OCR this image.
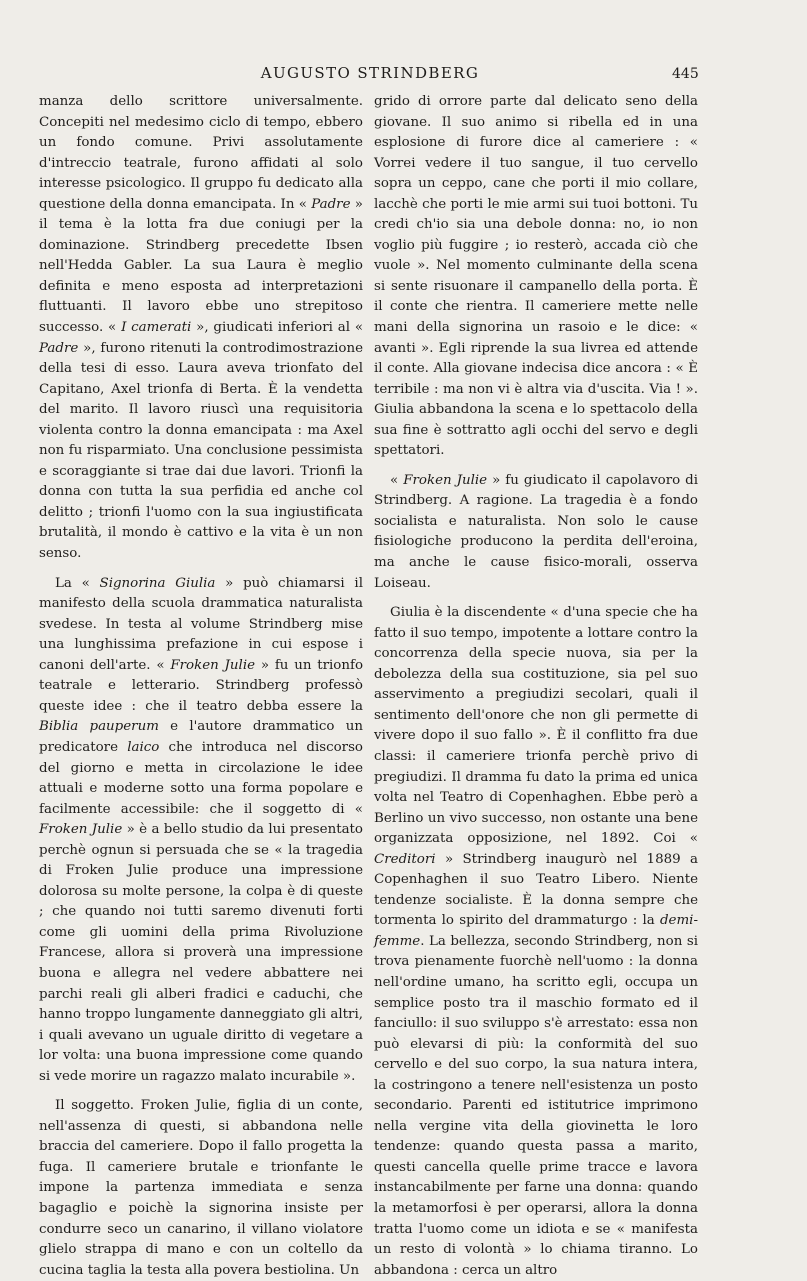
AUGUSTO STRINDBERG	445

manza dello scrittore universalmente. Concepiti nel medesimo ciclo di tempo, ebbero un fondo comune. Privi assolutamente d'intreccio teatrale, furono affidati al solo interesse psicologico. Il gruppo fu dedicato alla questione della donna emancipata. In « Padre » il tema è la lotta fra due coniugi per la dominazione. Strindberg precedette Ibsen nell'Hedda Gabler. La sua Laura è meglio definita e meno esposta ad interpretazioni fluttuanti. Il lavoro ebbe uno strepitoso successo. « I camerati », giudicati inferiori al « Padre », furono ritenuti la controdimostrazione della tesi di esso. Laura aveva trionfato del Capitano, Axel trionfa di Berta. È la vendetta del marito. Il lavoro riuscì una requisitoria violenta contro la donna emancipata : ma Axel non fu risparmiato. Una conclusione pessimista e scoraggiante si trae dai due lavori. Trionfi la donna con tutta la sua perfidia ed anche col delitto ; trionfi l'uomo con la sua ingiustificata brutalità, il mondo è cattivo e la vita è un non senso.

La « Signorina Giulia » può chiamarsi il manifesto della scuola drammatica naturalista svedese. In testa al volume Strindberg mise una lunghissima prefazione in cui espose i canoni dell'arte. « Froken Julie » fu un trionfo teatrale e letterario. Strindberg professò queste idee : che il teatro debba essere la Biblia pauperum e l'autore drammatico un predicatore laico che introduca nel discorso del giorno e metta in circolazione le idee attuali e moderne sotto una forma popolare e facilmente accessibile: che il soggetto di « Froken Julie » è a bello studio da lui presentato perchè ognun si persuada che se « la tragedia di Froken Julie produce una impressione dolorosa su molte persone, la colpa è di queste ; che quando noi tutti saremo divenuti forti come gli uomini della prima Rivoluzione Francese, allora si proverà una impressione buona e allegra nel vedere abbattere nei parchi reali gli alberi fradici e caduchi, che hanno troppo lungamente danneggiato gli altri, i quali avevano un uguale diritto di vegetare a lor volta: una buona impressione come quando si vede morire un ragazzo malato incurabile ».

Il soggetto. Froken Julie, figlia di un conte, nell'assenza di questi, si abbandona nelle braccia del cameriere. Dopo il fallo progetta la fuga. Il cameriere brutale e trionfante le impone la partenza immediata e senza bagaglio e poichè la signorina insiste per condurre seco un canarino, il villano violatore glielo strappa di mano e con un coltello da cucina taglia la testa alla povera bestiolina. Un

grido di orrore parte dal delicato seno della giovane. Il suo animo si ribella ed in una esplosione di furore dice al cameriere : « Vorrei vedere il tuo sangue, il tuo cervello sopra un ceppo, cane che porti il mio collare, lacchè che porti le mie armi sui tuoi bottoni. Tu credi ch'io sia una debole donna: no, io non voglio più fuggire ; io resterò, accada ciò che vuole ». Nel momento culminante della scena si sente risuonare il campanello della porta. È il conte che rientra. Il cameriere mette nelle mani della signorina un rasoio e le dice: « avanti ». Egli riprende la sua livrea ed attende il conte. Alla giovane indecisa dice ancora : « È terribile : ma non vi è altra via d'uscita. Via ! ». Giulia abbandona la scena e lo spettacolo della sua fine è sottratto agli occhi del servo e degli spettatori.

« Froken Julie » fu giudicato il capolavoro di Strindberg. A ragione. La tragedia è a fondo socialista e naturalista. Non solo le cause fisiologiche producono la perdita dell'eroina, ma anche le cause fisico-morali, osserva Loiseau.

Giulia è la discendente « d'una specie che ha fatto il suo tempo, impotente a lottare contro la concorrenza della specie nuova, sia per la debolezza della sua costituzione, sia pel suo asservimento a pregiudizi secolari, quali il sentimento dell'onore che non gli permette di vivere dopo il suo fallo ». È il conflitto fra due classi: il cameriere trionfa perchè privo di pregiudizi. Il dramma fu dato la prima ed unica volta nel Teatro di Copenhaghen. Ebbe però a Berlino un vivo successo, non ostante una bene organizzata opposizione, nel 1892. Coi « Creditori » Strindberg inaugurò nel 1889 a Copenhaghen il suo Teatro Libero. Niente tendenze socialiste. È la donna sempre che tormenta lo spirito del drammaturgo : la demi-femme. La bellezza, secondo Strindberg, non si trova pienamente fuorchè nell'uomo : la donna nell'ordine umano, ha scritto egli, occupa un semplice posto tra il maschio formato ed il fanciullo: il suo sviluppo s'è arrestato: essa non può elevarsi di più: la conformità del suo cervello e del suo corpo, la sua natura intera, la costringono a tenere nell'esistenza un posto secondario. Parenti ed istitutrice imprimono nella vergine vita della giovinetta le loro tendenze: quando questa passa a marito, questi cancella quelle prime tracce e lavora instancabilmente per farne una donna: quando la metamorfosi è per operarsi, allora la donna tratta l'uomo come un idiota e se « manifesta un resto di volontà » lo chiama tiranno. Lo abbandona : cerca un altro
